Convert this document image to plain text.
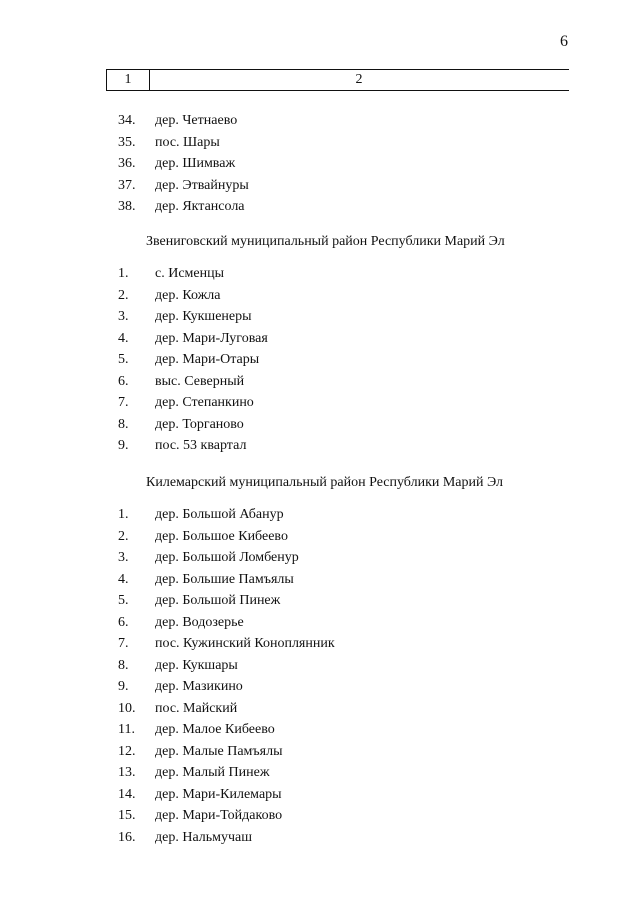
6
1	2
34.	дер. Четнаево
35.	пос. Шары
36.	дер. Шимваж
37.	дер. Этвайнуры
38.	дер. Яктансола
Звениговский муниципальный район Республики Марий Эл
1.	с. Исменцы
2.	дер. Кожла
3.	дер. Кукшенеры
4.	дер. Мари-Луговая
5.	дер. Мари-Отары
6.	выс. Северный
7.	дер. Степанкино
8.	дер. Торганово
9.	пос. 53 квартал
Килемарский муниципальный район Республики Марий Эл
1.	дер. Большой Абанур
2.	дер. Большое Кибеево
3.	дер. Большой Ломбенур
4.	дер. Большие Памъялы
5.	дер. Большой Пинеж
6.	дер. Водозерье
7.	пос. Кужинский Коноплянник
8.	дер. Кукшары
9.	дер. Мазикино
10.	пос. Майский
11.	дер. Малое Кибеево
12.	дер. Малые Памъялы
13.	дер. Малый Пинеж
14.	дер. Мари-Килемары
15.	дер. Мари-Тойдаково
16.	дер. Нальмучаш
